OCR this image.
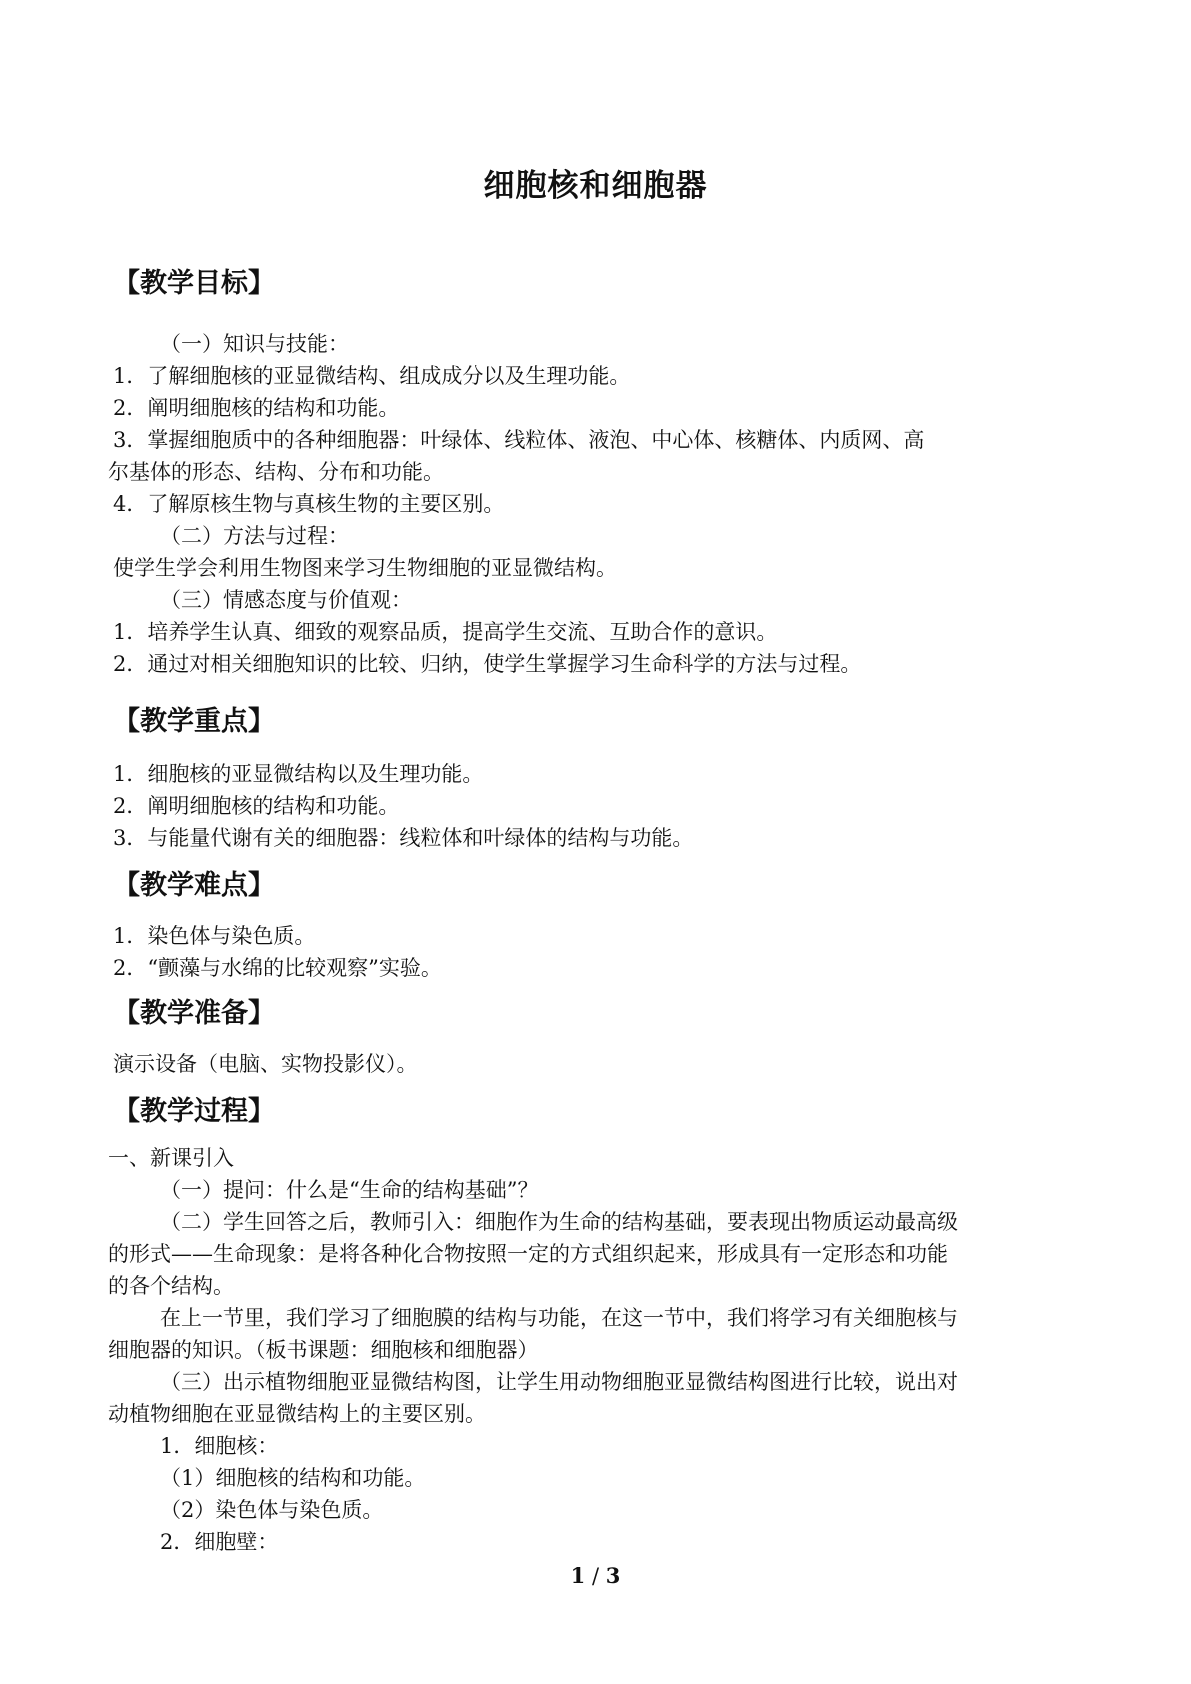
细胞核和细胞器
【教学目标】
（一）知识与技能：
1．了解细胞核的亚显微结构、组成成分以及生理功能。
2．阐明细胞核的结构和功能。
3．掌握细胞质中的各种细胞器：叶绿体、线粒体、液泡、中心体、核糖体、内质网、高
尔基体的形态、结构、分布和功能。
4．了解原核生物与真核生物的主要区别。
（二）方法与过程：
使学生学会利用生物图来学习生物细胞的亚显微结构。
（三）情感态度与价值观：
1．培养学生认真、细致的观察品质，提高学生交流、互助合作的意识。
2．通过对相关细胞知识的比较、归纳，使学生掌握学习生命科学的方法与过程。
【教学重点】
1．细胞核的亚显微结构以及生理功能。
2．阐明细胞核的结构和功能。
3．与能量代谢有关的细胞器：线粒体和叶绿体的结构与功能。
【教学难点】
1．染色体与染色质。
2．“颤藻与水绵的比较观察”实验。
【教学准备】
演示设备（电脑、实物投影仪）。
【教学过程】
一、新课引入
（一）提问：什么是“生命的结构基础”？
（二）学生回答之后，教师引入：细胞作为生命的结构基础，要表现出物质运动最高级
的形式——生命现象：是将各种化合物按照一定的方式组织起来，形成具有一定形态和功能
的各个结构。
在上一节里，我们学习了细胞膜的结构与功能，在这一节中，我们将学习有关细胞核与
细胞器的知识。（板书课题：细胞核和细胞器）
（三）出示植物细胞亚显微结构图，让学生用动物细胞亚显微结构图进行比较，说出对
动植物细胞在亚显微结构上的主要区别。
1．细胞核：
（1）细胞核的结构和功能。
（2）染色体与染色质。
2．细胞壁：
1 / 3
